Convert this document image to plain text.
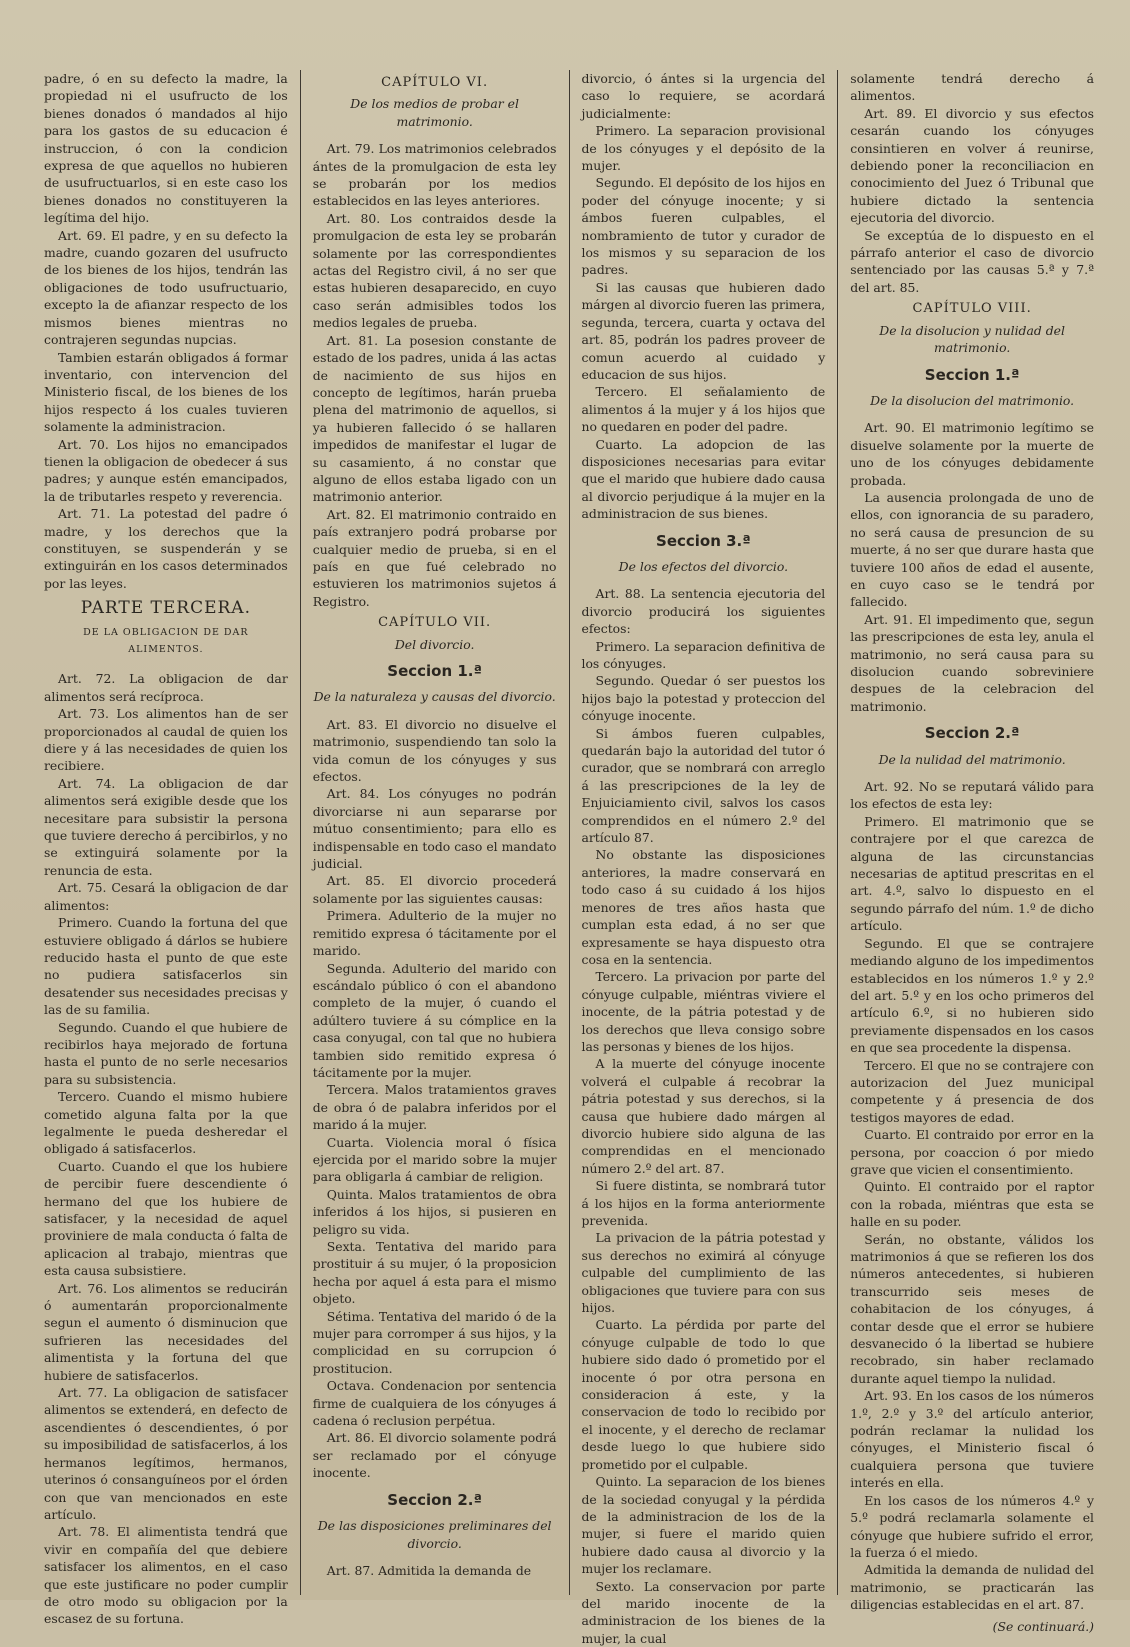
padre, ó en su defecto la madre, la propiedad ni el usufructo de los bienes donados ó mandados al hijo para los gastos de su educacion é instruccion, ó con la condicion expresa de que aquellos no hubieren de usufructuarlos, si en este caso los bienes donados no constituyeren la legítima del hijo.

Art. 69. El padre, y en su defecto la madre, cuando gozaren del usufructo de los bienes de los hijos, tendrán las obligaciones de todo usufructuario, excepto la de afianzar respecto de los mismos bienes mientras no contrajeren segundas nupcias.

Tambien estarán obligados á formar inventario, con intervencion del Ministerio fiscal, de los bienes de los hijos respecto á los cuales tuvieren solamente la administracion.

Art. 70. Los hijos no emancipados tienen la obligacion de obedecer á sus padres; y aunque estén emancipados, la de tributarles respeto y reverencia.

Art. 71. La potestad del padre ó madre, y los derechos que la constituyen, se suspenderán y se extinguirán en los casos determinados por las leyes.

PARTE TERCERA.
DE LA OBLIGACION DE DAR ALIMENTOS.

Art. 72. La obligacion de dar alimentos será recíproca.

Art. 73. Los alimentos han de ser proporcionados al caudal de quien los diere y á las necesidades de quien los recibiere.

Art. 74. La obligacion de dar alimentos será exigible desde que los necesitare para subsistir la persona que tuviere derecho á percibirlos, y no se extinguirá solamente por la renuncia de esta.

Art. 75. Cesará la obligacion de dar alimentos:

Primero. Cuando la fortuna del que estuviere obligado á dárlos se hubiere reducido hasta el punto de que este no pudiera satisfacerlos sin desatender sus necesidades precisas y las de su familia.

Segundo. Cuando el que hubiere de recibirlos haya mejorado de fortuna hasta el punto de no serle necesarios para su subsistencia.

Tercero. Cuando el mismo hubiere cometido alguna falta por la que legalmente le pueda desheredar el obligado á satisfacerlos.

Cuarto. Cuando el que los hubiere de percibir fuere descendiente ó hermano del que los hubiere de satisfacer, y la necesidad de aquel proviniere de mala conducta ó falta de aplicacion al trabajo, mientras que esta causa subsistiere.

Art. 76. Los alimentos se reducirán ó aumentarán proporcionalmente segun el aumento ó disminucion que sufrieren las necesidades del alimentista y la fortuna del que hubiere de satisfacerlos.

Art. 77. La obligacion de satisfacer alimentos se extenderá, en defecto de ascendientes ó descendientes, ó por su imposibilidad de satisfacerlos, á los hermanos legítimos, hermanos, uterinos ó consanguíneos por el órden con que van mencionados en este artículo.

Art. 78. El alimentista tendrá que vivir en compañía del que debiere satisfacer los alimentos, en el caso que este justificare no poder cumplir de otro modo su obligacion por la escasez de su fortuna.

CAPÍTULO VI.
De los medios de probar el matrimonio.

Art. 79. Los matrimonios celebrados ántes de la promulgacion de esta ley se probarán por los medios establecidos en las leyes anteriores.

Art. 80. Los contraidos desde la promulgacion de esta ley se probarán solamente por las correspondientes actas del Registro civil, á no ser que estas hubieren desaparecido, en cuyo caso serán admisibles todos los medios legales de prueba.

Art. 81. La posesion constante de estado de los padres, unida á las actas de nacimiento de sus hijos en concepto de legítimos, harán prueba plena del matrimonio de aquellos, si ya hubieren fallecido ó se hallaren impedidos de manifestar el lugar de su casamiento, á no constar que alguno de ellos estaba ligado con un matrimonio anterior.

Art. 82. El matrimonio contraido en país extranjero podrá probarse por cualquier medio de prueba, si en el país en que fué celebrado no estuvieren los matrimonios sujetos á Registro.

CAPÍTULO VII.
Del divorcio.
Seccion 1.ª
De la naturaleza y causas del divorcio.

Art. 83. El divorcio no disuelve el matrimonio, suspendiendo tan solo la vida comun de los cónyuges y sus efectos.

Art. 84. Los cónyuges no podrán divorciarse ni aun separarse por mútuo consentimiento; para ello es indispensable en todo caso el mandato judicial.

Art. 85. El divorcio procederá solamente por las siguientes causas:

Primera. Adulterio de la mujer no remitido expresa ó tácitamente por el marido.

Segunda. Adulterio del marido con escándalo público ó con el abandono completo de la mujer, ó cuando el adúltero tuviere á su cómplice en la casa conyugal, con tal que no hubiera tambien sido remitido expresa ó tácitamente por la mujer.

Tercera. Malos tratamientos graves de obra ó de palabra inferidos por el marido á la mujer.

Cuarta. Violencia moral ó física ejercida por el marido sobre la mujer para obligarla á cambiar de religion.

Quinta. Malos tratamientos de obra inferidos á los hijos, si pusieren en peligro su vida.

Sexta. Tentativa del marido para prostituir á su mujer, ó la proposicion hecha por aquel á esta para el mismo objeto.

Sétima. Tentativa del marido ó de la mujer para corromper á sus hijos, y la complicidad en su corrupcion ó prostitucion.

Octava. Condenacion por sentencia firme de cualquiera de los cónyuges á cadena ó reclusion perpétua.

Art. 86. El divorcio solamente podrá ser reclamado por el cónyuge inocente.

Seccion 2.ª
De las disposiciones preliminares del divorcio.

Art. 87. Admitida la demanda de

divorcio, ó ántes si la urgencia del caso lo requiere, se acordará judicialmente:

Primero. La separacion provisional de los cónyuges y el depósito de la mujer.

Segundo. El depósito de los hijos en poder del cónyuge inocente; y si ámbos fueren culpables, el nombramiento de tutor y curador de los mismos y su separacion de los padres.

Si las causas que hubieren dado márgen al divorcio fueren las primera, segunda, tercera, cuarta y octava del art. 85, podrán los padres proveer de comun acuerdo al cuidado y educacion de sus hijos.

Tercero. El señalamiento de alimentos á la mujer y á los hijos que no quedaren en poder del padre.

Cuarto. La adopcion de las disposiciones necesarias para evitar que el marido que hubiere dado causa al divorcio perjudique á la mujer en la administracion de sus bienes.

Seccion 3.ª
De los efectos del divorcio.

Art. 88. La sentencia ejecutoria del divorcio producirá los siguientes efectos:

Primero. La separacion definitiva de los cónyuges.

Segundo. Quedar ó ser puestos los hijos bajo la potestad y proteccion del cónyuge inocente.

Si ámbos fueren culpables, quedarán bajo la autoridad del tutor ó curador, que se nombrará con arreglo á las prescripciones de la ley de Enjuiciamiento civil, salvos los casos comprendidos en el número 2.º del artículo 87.

No obstante las disposiciones anteriores, la madre conservará en todo caso á su cuidado á los hijos menores de tres años hasta que cumplan esta edad, á no ser que expresamente se haya dispuesto otra cosa en la sentencia.

Tercero. La privacion por parte del cónyuge culpable, miéntras viviere el inocente, de la pátria potestad y de los derechos que lleva consigo sobre las personas y bienes de los hijos.

A la muerte del cónyuge inocente volverá el culpable á recobrar la pátria potestad y sus derechos, si la causa que hubiere dado márgen al divorcio hubiere sido alguna de las comprendidas en el mencionado número 2.º del art. 87.

Si fuere distinta, se nombrará tutor á los hijos en la forma anteriormente prevenida.

La privacion de la pátria potestad y sus derechos no eximirá al cónyuge culpable del cumplimiento de las obligaciones que tuviere para con sus hijos.

Cuarto. La pérdida por parte del cónyuge culpable de todo lo que hubiere sido dado ó prometido por el inocente ó por otra persona en consideracion á este, y la conservacion de todo lo recibido por el inocente, y el derecho de reclamar desde luego lo que hubiere sido prometido por el culpable.

Quinto. La separacion de los bienes de la sociedad conyugal y la pérdida de la administracion de los de la mujer, si fuere el marido quien hubiere dado causa al divorcio y la mujer los reclamare.

Sexto. La conservacion por parte del marido inocente de la administracion de los bienes de la mujer, la cual

solamente tendrá derecho á alimentos.

Art. 89. El divorcio y sus efectos cesarán cuando los cónyuges consintieren en volver á reunirse, debiendo poner la reconciliacion en conocimiento del Juez ó Tribunal que hubiere dictado la sentencia ejecutoria del divorcio.

Se exceptúa de lo dispuesto en el párrafo anterior el caso de divorcio sentenciado por las causas 5.ª y 7.ª del art. 85.

CAPÍTULO VIII.
De la disolucion y nulidad del matrimonio.
Seccion 1.ª
De la disolucion del matrimonio.

Art. 90. El matrimonio legítimo se disuelve solamente por la muerte de uno de los cónyuges debidamente probada.

La ausencia prolongada de uno de ellos, con ignorancia de su paradero, no será causa de presuncion de su muerte, á no ser que durare hasta que tuviere 100 años de edad el ausente, en cuyo caso se le tendrá por fallecido.

Art. 91. El impedimento que, segun las prescripciones de esta ley, anula el matrimonio, no será causa para su disolucion cuando sobreviniere despues de la celebracion del matrimonio.

Seccion 2.ª
De la nulidad del matrimonio.

Art. 92. No se reputará válido para los efectos de esta ley:

Primero. El matrimonio que se contrajere por el que carezca de alguna de las circunstancias necesarias de aptitud prescritas en el art. 4.º, salvo lo dispuesto en el segundo párrafo del núm. 1.º de dicho artículo.

Segundo. El que se contrajere mediando alguno de los impedimentos establecidos en los números 1.º y 2.º del art. 5.º y en los ocho primeros del artículo 6.º, si no hubieren sido previamente dispensados en los casos en que sea procedente la dispensa.

Tercero. El que no se contrajere con autorizacion del Juez municipal competente y á presencia de dos testigos mayores de edad.

Cuarto. El contraido por error en la persona, por coaccion ó por miedo grave que vicien el consentimiento.

Quinto. El contraido por el raptor con la robada, miéntras que esta se halle en su poder.

Serán, no obstante, válidos los matrimonios á que se refieren los dos números antecedentes, si hubieren transcurrido seis meses de cohabitacion de los cónyuges, á contar desde que el error se hubiere desvanecido ó la libertad se hubiere recobrado, sin haber reclamado durante aquel tiempo la nulidad.

Art. 93. En los casos de los números 1.º, 2.º y 3.º del artículo anterior, podrán reclamar la nulidad los cónyuges, el Ministerio fiscal ó cualquiera persona que tuviere interés en ella.

En los casos de los números 4.º y 5.º podrá reclamarla solamente el cónyuge que hubiere sufrido el error, la fuerza ó el miedo.

Admitida la demanda de nulidad del matrimonio, se practicarán las diligencias establecidas en el art. 87.

(Se continuará.)
